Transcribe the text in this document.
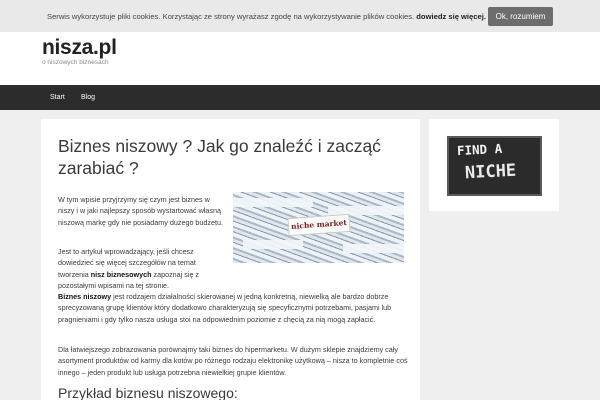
Serwis wykorzystuje pliki cookies. Korzystając ze strony wyrażasz zgodę na wykorzystywanie plików cookies. dowiedz się więcej.	Ok, rozumiem
nisza.pl
o niszowych biznesach
Start Blog
Biznes niszowy ? Jak go znaleźć i zacząć zarabiać ?
W tym wpisie przyjrzymy się czym jest biznes w niszy i w jaki najlepszy sposób wystartować własną niszową markę gdy nie posiadamy dużego budżetu.	niche market
Jest to artykuł wprowadzający, jeśli chcesz dowiedzieć się więcej szczegółów na temat tworzenia nisz biznesowych zapoznaj się z pozostałymi wpisami na tej stronie.
Biznes niszowy jest rodzajem działalności skierowanej w jedną konkretną, niewielką ale bardzo dobrze sprecyzowaną grupę klientów który dodatkowo charakteryzują się specyficznymi potrzebami, pasjami lub pragnieniami i gdy tylko nasza usługa stoi na odpowiednim poziomie z chęcią za nią mogą zapłacić.
Dla łatwiejszego zobrazowania porównajmy taki biznes do hipermarketu. W dużym sklepie znajdziemy cały asortyment produktów od karmy dla kotów po różnego rodzaju elektronikę użytkową – nisza to kompletnie coś innego – jeden produkt lub usługa potrzebna niewielkiej grupie klientów.
Przykład biznesu niszowego:
FIND A
NICHE
